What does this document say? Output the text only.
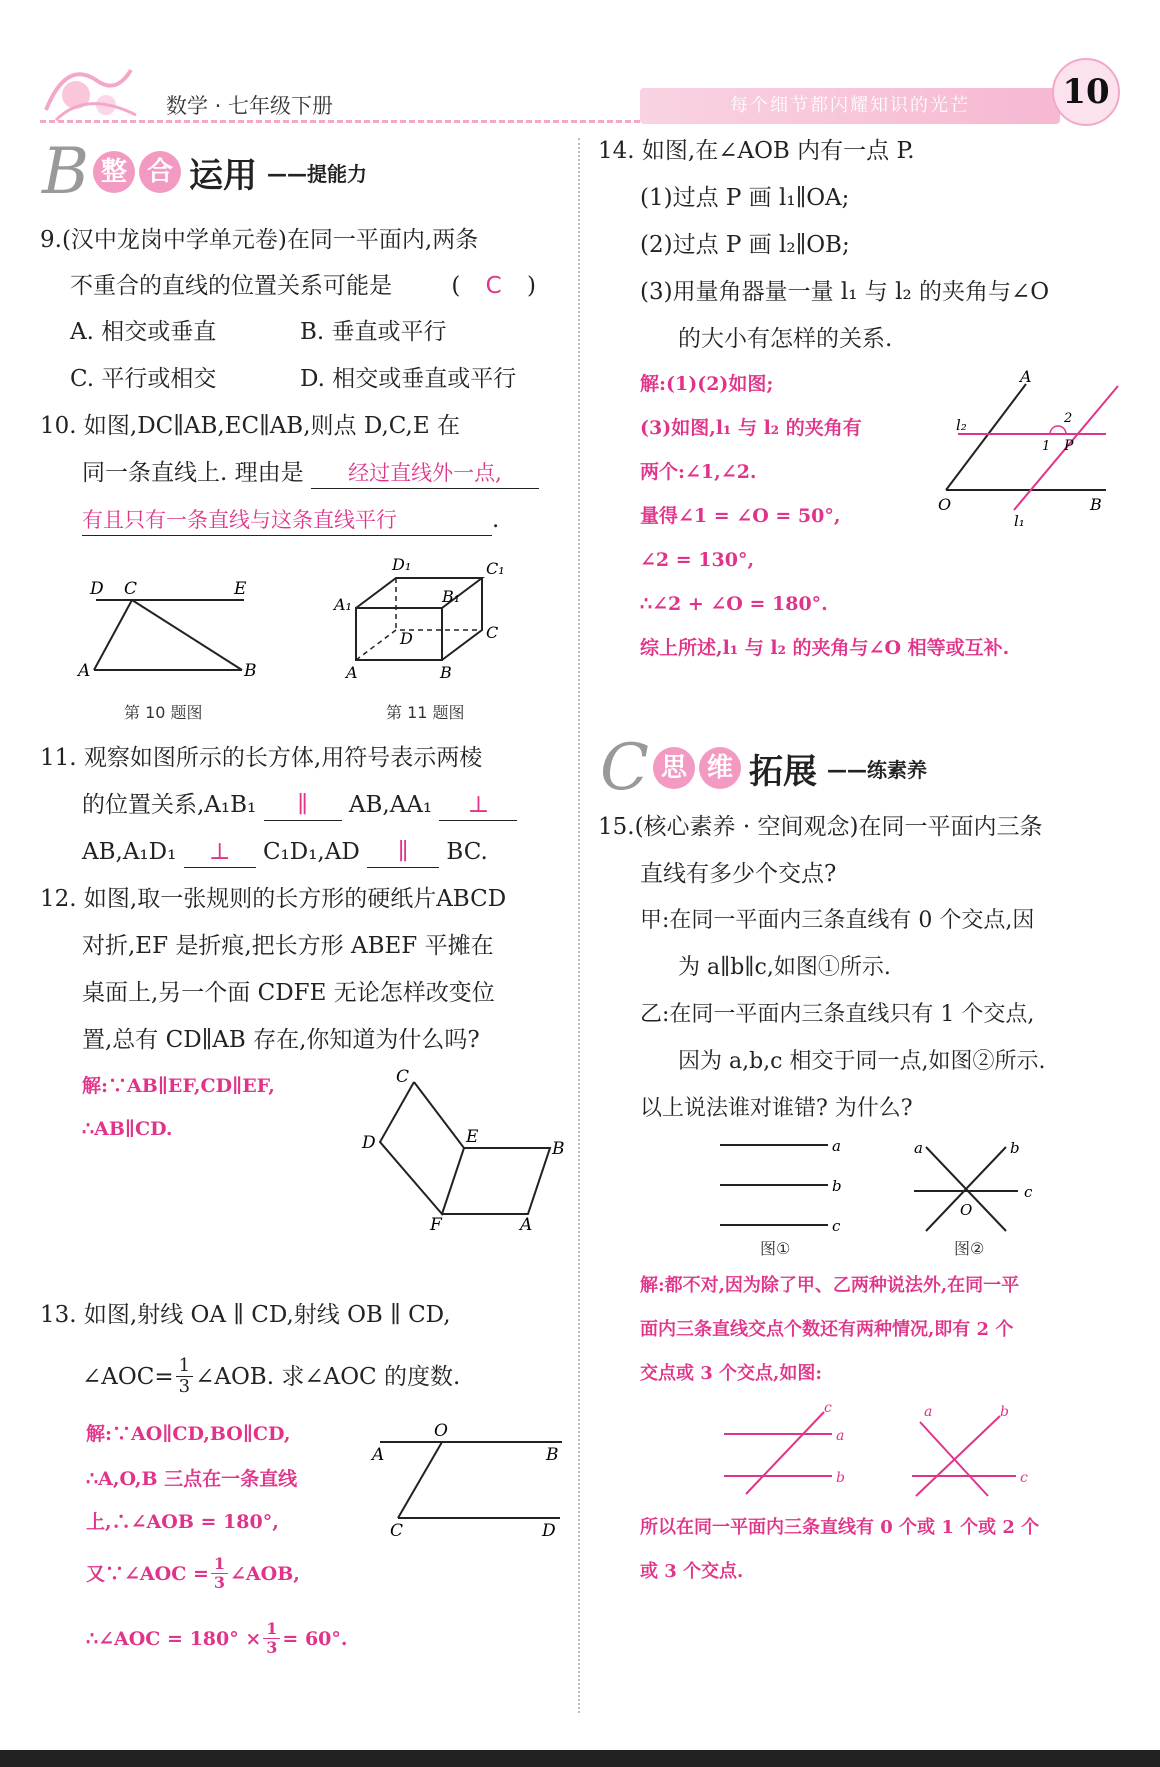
数学 · 七年级下册	每个细节都闪耀知识的光芒	10
B 整 合 运用 ——提能力
9.(汉中龙岗中学单元卷)在同一平面内,两条
不重合的直线的位置关系可能是	( C )
A. 相交或垂直	B. 垂直或平行
C. 平行或相交	D. 相交或垂直或平行
10. 如图,DC∥AB,EC∥AB,则点 D,C,E 在
同一条直线上. 理由是 经过直线外一点,
有且只有一条直线与这条直线平行	.
D C	E
A	B
第 10 题图
D₁	C₁
A₁	B₁
D	C
A	B
第 11 题图
11. 观察如图所示的长方体,用符号表示两棱
的位置关系,A₁B₁ ∥ AB,AA₁ ⊥
AB,A₁D₁ ⊥ C₁D₁,AD ∥ BC.
12. 如图,取一张规则的长方形的硬纸片ABCD
对折,EF 是折痕,把长方形 ABEF 平摊在
桌面上,另一个面 CDFE 无论怎样改变位
置,总有 CD∥AB 存在,你知道为什么吗?
解:∵AB∥EF,CD∥EF,
∴AB∥CD.
C
D	E
B
F	A
13. 如图,射线 OA ∥ CD,射线 OB ∥ CD,
∠AOC= $\frac{1}{3}$ ∠AOB. 求∠AOC 的度数.
解:∵AO∥CD,BO∥CD,
∴A,O,B 三点在一条直线
上,∴∠AOB = 180°,
又∵∠AOC = $\frac{1}{3}$ ∠AOB,
∴∠AOC = $180^\circ \times \frac{1}{3} = 60^\circ$.
O
A	B
C	D
14. 如图,在∠AOB 内有一点 P.
(1)过点 P 画 l₁∥OA;
(2)过点 P 画 l₂∥OB;
(3)用量角器量一量 l₁ 与 l₂ 的夹角与∠O
的大小有怎样的关系.
解:(1)(2)如图;
(3)如图,l₁ 与 l₂ 的夹角有
两个:∠1,∠2.
量得∠1 = ∠O = 50°,
∠2 = 130°,
∴∠2 + ∠O = 180°.
综上所述,l₁ 与 l₂ 的夹角与∠O 相等或互补.
A
O	B
P
l₂
l₁
1
2
C 思 维 拓展 ——练素养
15.(核心素养 · 空间观念)在同一平面内三条
直线有多少个交点?
甲:在同一平面内三条直线有 0 个交点,因
为 a∥b∥c,如图①所示.
乙:在同一平面内三条直线只有 1 个交点,
因为 a,b,c 相交于同一点,如图②所示.
以上说法谁对谁错? 为什么?
a
b
c
图①
a	b
c
O
图②
解:都不对,因为除了甲、乙两种说法外,在同一平
面内三条直线交点个数还有两种情况,即有 2 个
交点或 3 个交点,如图:
c
a
b
a	b
c
所以在同一平面内三条直线有 0 个或 1 个或 2 个
或 3 个交点.
